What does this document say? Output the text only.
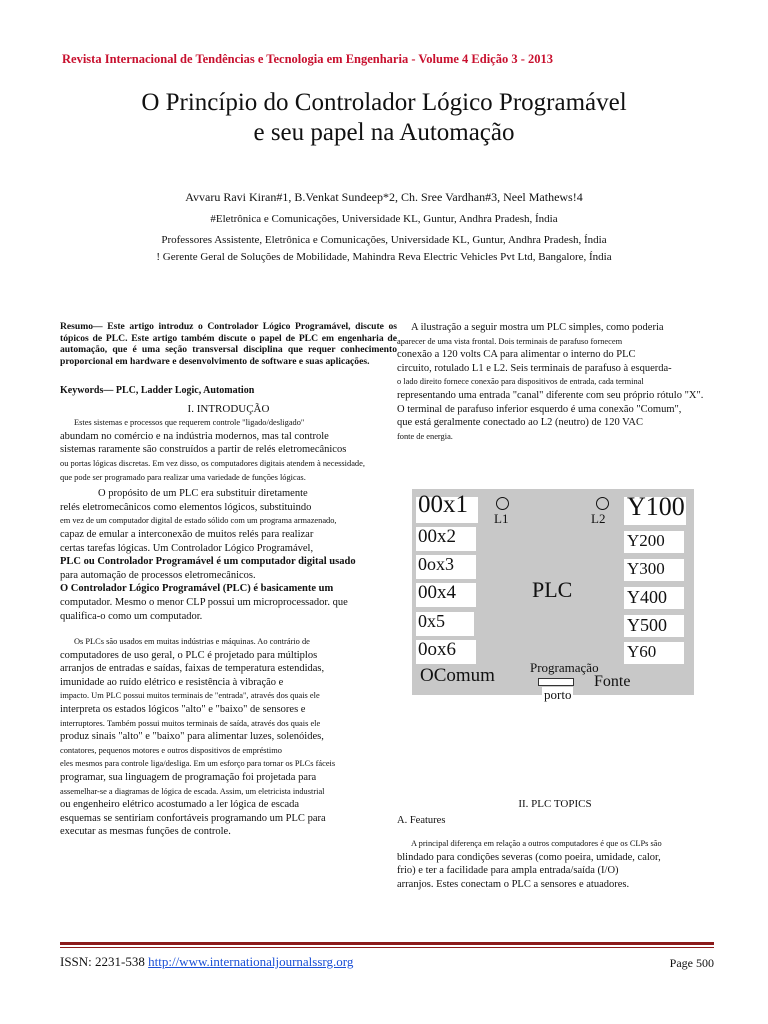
Revista Internacional de Tendências e Tecnologia em Engenharia - Volume 4 Edição 3 - 2013
O Princípio do Controlador Lógico Programável
e seu papel na Automação
Avvaru Ravi Kiran#1, B.Venkat Sundeep*2, Ch. Sree Vardhan#3, Neel Mathews!4
#Eletrônica e Comunicações, Universidade KL, Guntur, Andhra Pradesh, Índia
Professores Assistente, Eletrônica e Comunicações, Universidade KL, Guntur, Andhra Pradesh, Índia
! Gerente Geral de Soluções de Mobilidade, Mahindra Reva Electric Vehicles Pvt Ltd, Bangalore, Índia

Resumo— Este artigo introduz o Controlador Lógico Programável, discute os tópicos de PLC. Este artigo também discute o papel de PLC em engenharia de automação, que é uma seção transversal disciplina que requer conhecimento proporcional em hardware e desenvolvimento de software e suas aplicações.

Keywords— PLC, Ladder Logic, Automation

I. INTRODUÇÃO

Estes sistemas e processos que requerem controle "ligado/desligado"
abundam no comércio e na indústria modernos, mas tal controle
sistemas raramente são construídos a partir de relés eletromecânicos
ou portas lógicas discretas. Em vez disso, os computadores digitais atendem à necessidade,
que pode ser programado para realizar uma variedade de funções lógicas.
O propósito de um PLC era substituir diretamente
relés eletromecânicos como elementos lógicos, substituindo
em vez de um computador digital de estado sólido com um programa armazenado,
capaz de emular a interconexão de muitos relés para realizar
certas tarefas lógicas. Um Controlador Lógico Programável,
PLC ou Controlador Programável é um computador digital usado
para automação de processos eletromecânicos.
O Controlador Lógico Programável (PLC) é basicamente um
computador. Mesmo o menor CLP possui um microprocessador. que
qualifica-o como um computador.
Os PLCs são usados em muitas indústrias e máquinas. Ao contrário de
computadores de uso geral, o PLC é projetado para múltiplos
arranjos de entradas e saídas, faixas de temperatura estendidas,
imunidade ao ruído elétrico e resistência à vibração e
impacto. Um PLC possui muitos terminais de "entrada", através dos quais ele
interpreta os estados lógicos "alto" e "baixo" de sensores e
interruptores. Também possui muitos terminais de saída, através dos quais ele
produz sinais "alto" e "baixo" para alimentar luzes, solenóides,
contatores, pequenos motores e outros dispositivos de empréstimo
eles mesmos para controle liga/desliga. Em um esforço para tornar os PLCs fáceis
programar, sua linguagem de programação foi projetada para
assemelhar-se a diagramas de lógica de escada. Assim, um eletricista industrial
ou engenheiro elétrico acostumado a ler lógica de escada
esquemas se sentiriam confortáveis programando um PLC para
executar as mesmas funções de controle.
A ilustração a seguir mostra um PLC simples, como poderia
aparecer de uma vista frontal. Dois terminais de parafuso fornecem
conexão a 120 volts CA para alimentar o interno do PLC
circuito, rotulado L1 e L2. Seis terminais de parafuso à esquerda-
o lado direito fornece conexão para dispositivos de entrada, cada terminal
representando uma entrada "canal" diferente com seu próprio rótulo "X".
O terminal de parafuso inferior esquerdo é uma conexão "Comum",
que está geralmente conectado ao L2 (neutro) de 120 VAC
fonte de energia.
00x1
00x2
0ox3
00x4
0x5
0ox6
Y100
Y200
Y300
Y400
Y500
Y60
OComum
L1	L2
PLC
Programação
porto
Fonte

II. PLC TOPICS

A. Features

A principal diferença em relação a outros computadores é que os CLPs são
blindado para condições severas (como poeira, umidade, calor,
frio) e ter a facilidade para ampla entrada/saída (I/O)
arranjos. Estes conectam o PLC a sensores e atuadores.
ISSN: 2231-538 http://www.internationaljournalssrg.org	Page 500
